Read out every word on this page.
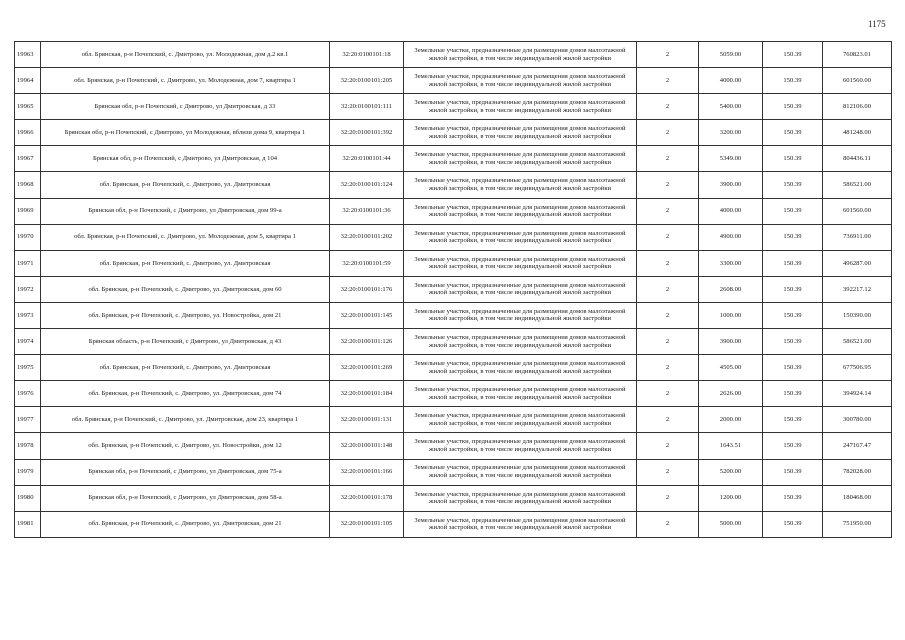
1175
19963	обл. Брянская, р-н Почепский, с. Дмитрово, ул. Молодежная, дом д.2 кв.1	32:20:0100101:18	Земельные участки, предназначенные для размещения домов малоэтажной жилой застройки, в том числе индивидуальной жилой застройки	2	5059.00	150.39	760823.01
19964	обл. Брянская, р-н Почепский, с. Дмитрово, ул. Молодежная, дом 7, квартира 1	32:20:0100101:205	Земельные участки, предназначенные для размещения домов малоэтажной жилой застройки, в том числе индивидуальной жилой застройки	2	4000.00	150.39	601560.00
19965	Брянская обл, р-н Почепский, с Дмитрово, ул Дмитровская, д 33	32:20:0100101:111	Земельные участки, предназначенные для размещения домов малоэтажной жилой застройки, в том числе индивидуальной жилой застройки	2	5400.00	150.39	812106.00
19966	Брянская обл, р-н Почепский, с Дмитрово, ул Молодежная, вблизи дома 9, квартира 1	32:20:0100101:392	Земельные участки, предназначенные для размещения домов малоэтажной жилой застройки, в том числе индивидуальной жилой застройки	2	3200.00	150.39	481248.00
19967	Брянская обл, р-н Почепский, с Дмитрово, ул Дмитровская, д 104	32:20:0100101:44	Земельные участки, предназначенные для размещения домов малоэтажной жилой застройки, в том числе индивидуальной жилой застройки	2	5349.00	150.39	804436.11
19968	обл. Брянская, р-н Почепский, с. Дмитрово, ул. Дмитровская	32:20:0100101:124	Земельные участки, предназначенные для размещения домов малоэтажной жилой застройки, в том числе индивидуальной жилой застройки	2	3900.00	150.39	586521.00
19969	Брянская обл, р-н Почепский, с Дмитрово, ул Дмитровская, дом 99-а	32:20:0100101:36	Земельные участки, предназначенные для размещения домов малоэтажной жилой застройки, в том числе индивидуальной жилой застройки	2	4000.00	150.39	601560.00
19970	обл. Брянская, р-н Почепский, с. Дмитрово, ул. Молодежная, дом 5, квартира 1	32:20:0100101:202	Земельные участки, предназначенные для размещения домов малоэтажной жилой застройки, в том числе индивидуальной жилой застройки	2	4900.00	150.39	736911.00
19971	обл. Брянская, р-н Почепский, с. Дмитрово, ул. Дмитровская	32:20:0100101:59	Земельные участки, предназначенные для размещения домов малоэтажной жилой застройки, в том числе индивидуальной жилой застройки	2	3300.00	150.39	496287.00
19972	обл. Брянская, р-н Почепский, с. Дмитрово, ул. Дмитровская, дом 60	32:20:0100101:176	Земельные участки, предназначенные для размещения домов малоэтажной жилой застройки, в том числе индивидуальной жилой застройки	2	2608.00	150.39	392217.12
19973	обл. Брянская, р-н Почепский, с. Дмитрово, ул. Новостройка, дом 21	32:20:0100101:145	Земельные участки, предназначенные для размещения домов малоэтажной жилой застройки, в том числе индивидуальной жилой застройки	2	1000.00	150.39	150390.00
19974	Брянская область, р-н Почепский, с Дмитрово, ул Дмитровская, д 43	32:20:0100101:126	Земельные участки, предназначенные для размещения домов малоэтажной жилой застройки, в том числе индивидуальной жилой застройки	2	3900.00	150.39	586521.00
19975	обл. Брянская, р-н Почепский, с. Дмитрово, ул. Дмитровская	32:20:0100101:269	Земельные участки, предназначенные для размещения домов малоэтажной жилой застройки, в том числе индивидуальной жилой застройки	2	4505.00	150.39	677506.95
19976	обл. Брянская, р-н Почепский, с. Дмитрово, ул. Дмитровская, дом 74	32:20:0100101:184	Земельные участки, предназначенные для размещения домов малоэтажной жилой застройки, в том числе индивидуальной жилой застройки	2	2626.00	150.39	394924.14
19977	обл. Брянская, р-н Почепский, с. Дмитрово, ул. Дмитровская, дом 23, квартира 1	32:20:0100101:131	Земельные участки, предназначенные для размещения домов малоэтажной жилой застройки, в том числе индивидуальной жилой застройки	2	2000.00	150.39	300780.00
19978	обл. Брянская, р-н Почепский, с. Дмитрово, ул. Новостройки, дом 12	32:20:0100101:148	Земельные участки, предназначенные для размещения домов малоэтажной жилой застройки, в том числе индивидуальной жилой застройки	2	1643.51	150.39	247167.47
19979	Брянская обл, р-н Почепский, с Дмитрово, ул Дмитровская, дом 75-а	32:20:0100101:166	Земельные участки, предназначенные для размещения домов малоэтажной жилой застройки, в том числе индивидуальной жилой застройки	2	5200.00	150.39	782028.00
19980	Брянская обл, р-н Почепский, с Дмитрово, ул Дмитровская, дом 58-а	32:20:0100101:178	Земельные участки, предназначенные для размещения домов малоэтажной жилой застройки, в том числе индивидуальной жилой застройки	2	1200.00	150.39	180468.00
19981	обл. Брянская, р-н Почепский, с. Дмитрово, ул. Дмитровская, дом 21	32:20:0100101:105	Земельные участки, предназначенные для размещения домов малоэтажной жилой застройки, в том числе индивидуальной жилой застройки	2	5000.00	150.39	751950.00
